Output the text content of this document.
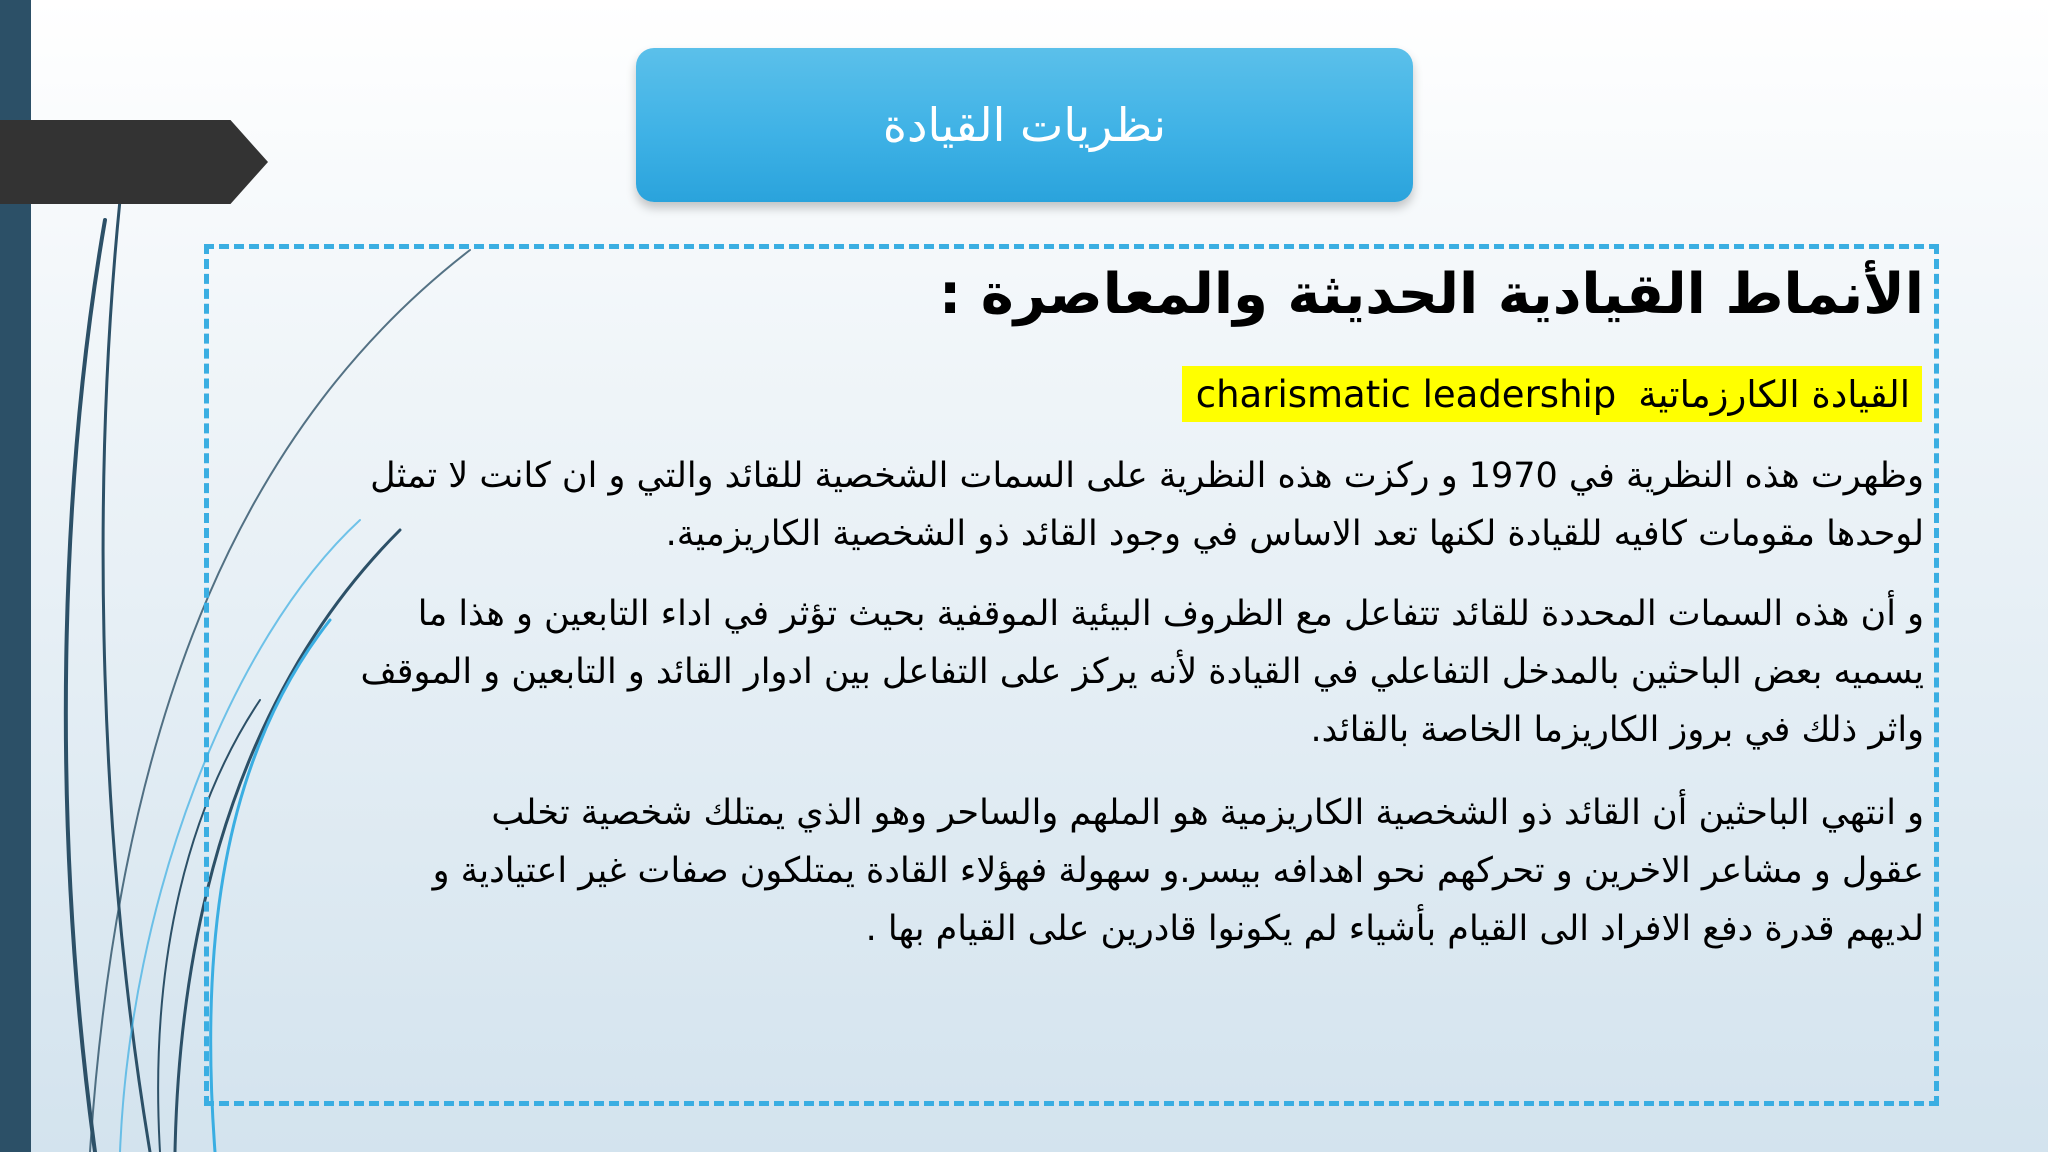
نظريات القيادة
الأنماط القيادية الحديثة والمعاصرة :
القيادة الكارزماتية
charismatic leadership
وظهرت هذه النظرية في 1970 و ركزت هذه النظرية على السمات الشخصية للقائد والتي و ان كانت لا تمثل
لوحدها مقومات كافيه للقيادة لكنها تعد الاساس في وجود القائد ذو الشخصية الكاريزمية.
و أن هذه السمات المحددة للقائد تتفاعل مع الظروف البيئية الموقفية بحيث تؤثر في اداء التابعين و هذا ما
يسميه بعض الباحثين بالمدخل التفاعلي في القيادة لأنه يركز على التفاعل بين ادوار القائد و التابعين و الموقف
واثر ذلك في بروز الكاريزما الخاصة بالقائد.
و انتهي الباحثين أن القائد ذو الشخصية الكاريزمية هو الملهم والساحر وهو الذي يمتلك شخصية تخلب
عقول و مشاعر الاخرين و تحركهم نحو اهدافه بيسر.و سهولة فهؤلاء القادة يمتلكون صفات غير اعتيادية و
لديهم قدرة دفع الافراد الى القيام بأشياء لم يكونوا قادرين على القيام بها .
